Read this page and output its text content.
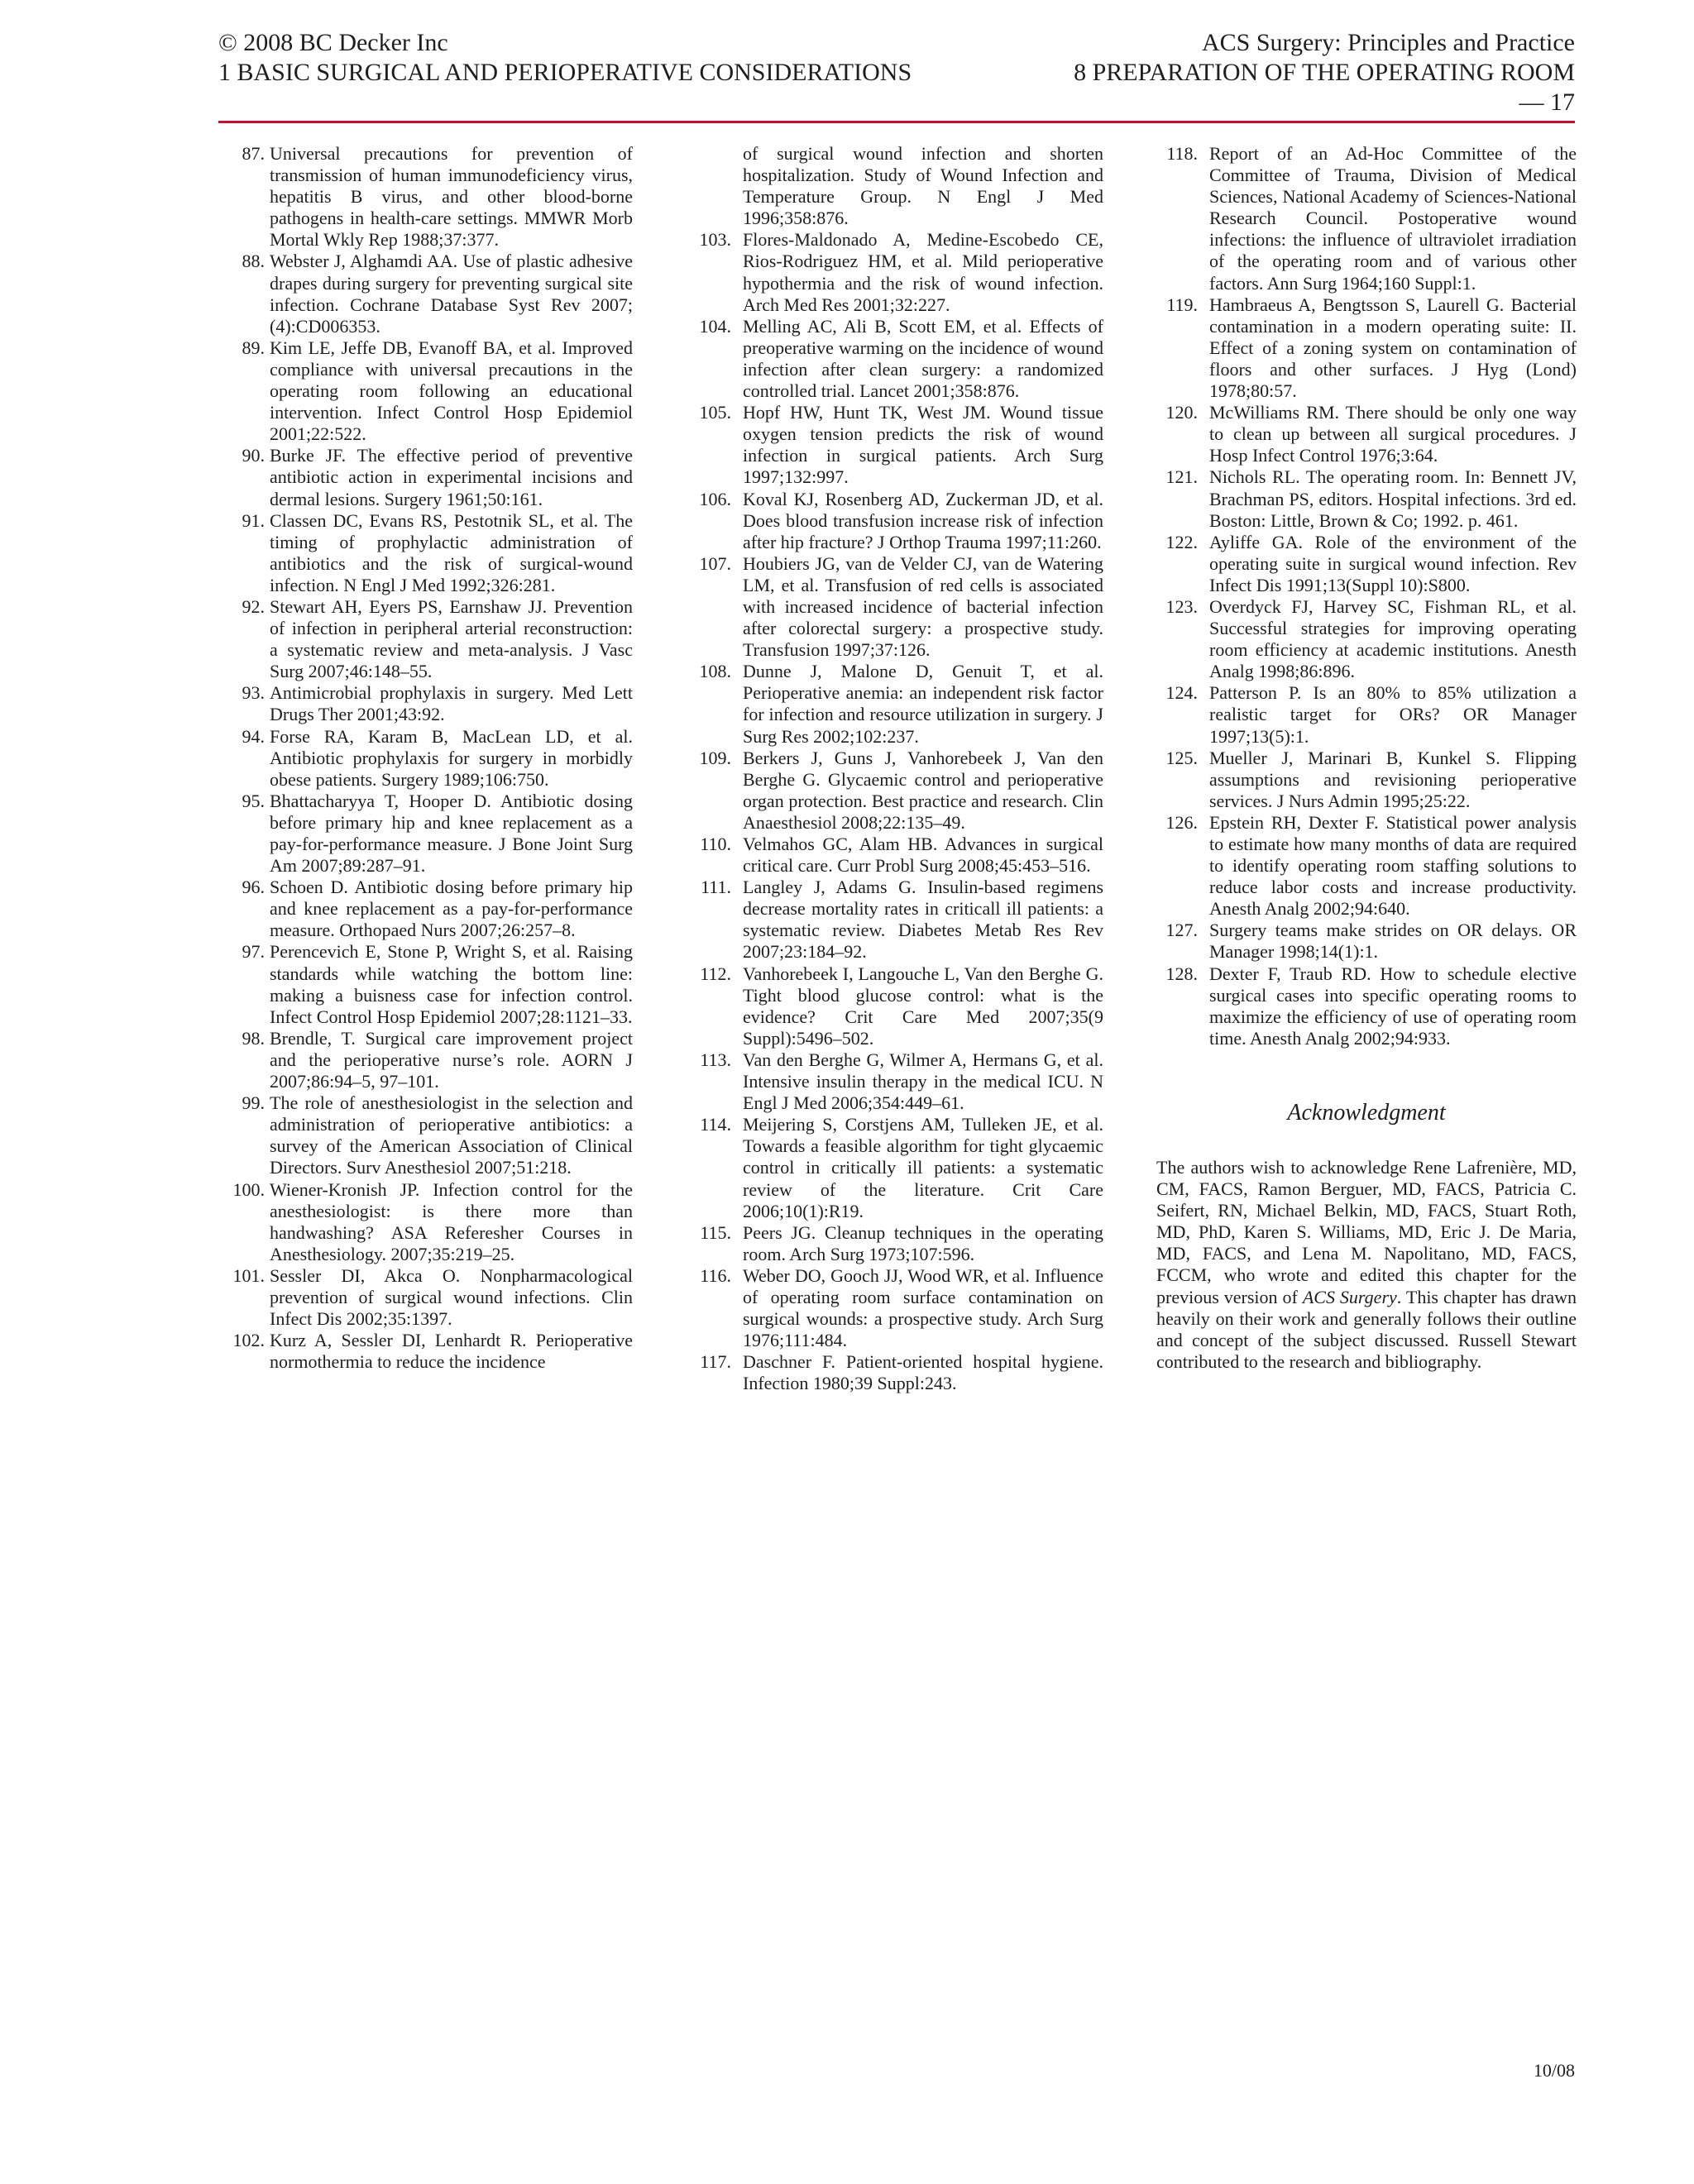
© 2008 BC Decker Inc
1 BASIC SURGICAL AND PERIOPERATIVE CONSIDERATIONS
ACS Surgery: Principles and Practice
8 PREPARATION OF THE OPERATING ROOM — 17
87. Universal precautions for prevention of transmission of human immunodeficiency virus, hepatitis B virus, and other blood-borne pathogens in health-care settings. MMWR Morb Mortal Wkly Rep 1988;37:377.
88. Webster J, Alghamdi AA. Use of plastic adhesive drapes during surgery for preventing surgical site infection. Cochrane Database Syst Rev 2007;(4):CD006353.
89. Kim LE, Jeffe DB, Evanoff BA, et al. Improved compliance with universal precautions in the operating room following an educational intervention. Infect Control Hosp Epidemiol 2001;22:522.
90. Burke JF. The effective period of preventive antibiotic action in experimental incisions and dermal lesions. Surgery 1961;50:161.
91. Classen DC, Evans RS, Pestotnik SL, et al. The timing of prophylactic administration of antibiotics and the risk of surgical-wound infection. N Engl J Med 1992;326:281.
92. Stewart AH, Eyers PS, Earnshaw JJ. Prevention of infection in peripheral arterial reconstruction: a systematic review and meta-analysis. J Vasc Surg 2007;46:148–55.
93. Antimicrobial prophylaxis in surgery. Med Lett Drugs Ther 2001;43:92.
94. Forse RA, Karam B, MacLean LD, et al. Antibiotic prophylaxis for surgery in morbidly obese patients. Surgery 1989;106:750.
95. Bhattacharyya T, Hooper D. Antibiotic dosing before primary hip and knee replacement as a pay-for-performance measure. J Bone Joint Surg Am 2007;89:287–91.
96. Schoen D. Antibiotic dosing before primary hip and knee replacement as a pay-for-performance measure. Orthopaed Nurs 2007;26:257–8.
97. Perencevich E, Stone P, Wright S, et al. Raising standards while watching the bottom line: making a buisness case for infection control. Infect Control Hosp Epidemiol 2007;28:1121–33.
98. Brendle, T. Surgical care improvement project and the perioperative nurse’s role. AORN J 2007;86:94–5, 97–101.
99. The role of anesthesiologist in the selection and administration of perioperative antibiotics: a survey of the American Association of Clinical Directors. Surv Anesthesiol 2007;51:218.
100. Wiener-Kronish JP. Infection control for the anesthesiologist: is there more than handwashing? ASA Referesher Courses in Anesthesiology. 2007;35:219–25.
101. Sessler DI, Akca O. Nonpharmacological prevention of surgical wound infections. Clin Infect Dis 2002;35:1397.
102. Kurz A, Sessler DI, Lenhardt R. Perioperative normothermia to reduce the incidence
of surgical wound infection and shorten hospitalization. Study of Wound Infection and Temperature Group. N Engl J Med 1996;358:876.
103. Flores-Maldonado A, Medine-Escobedo CE, Rios-Rodriguez HM, et al. Mild perioperative hypothermia and the risk of wound infection. Arch Med Res 2001;32:227.
104. Melling AC, Ali B, Scott EM, et al. Effects of preoperative warming on the incidence of wound infection after clean surgery: a randomized controlled trial. Lancet 2001;358:876.
105. Hopf HW, Hunt TK, West JM. Wound tissue oxygen tension predicts the risk of wound infection in surgical patients. Arch Surg 1997;132:997.
106. Koval KJ, Rosenberg AD, Zuckerman JD, et al. Does blood transfusion increase risk of infection after hip fracture? J Orthop Trauma 1997;11:260.
107. Houbiers JG, van de Velder CJ, van de Watering LM, et al. Transfusion of red cells is associated with increased incidence of bacterial infection after colorectal surgery: a prospective study. Transfusion 1997;37:126.
108. Dunne J, Malone D, Genuit T, et al. Perioperative anemia: an independent risk factor for infection and resource utilization in surgery. J Surg Res 2002;102:237.
109. Berkers J, Guns J, Vanhorebeek J, Van den Berghe G. Glycaemic control and perioperative organ protection. Best practice and research. Clin Anaesthesiol 2008;22:135–49.
110. Velmahos GC, Alam HB. Advances in surgical critical care. Curr Probl Surg 2008;45:453–516.
111. Langley J, Adams G. Insulin-based regimens decrease mortality rates in criticall ill patients: a systematic review. Diabetes Metab Res Rev 2007;23:184–92.
112. Vanhorebeek I, Langouche L, Van den Berghe G. Tight blood glucose control: what is the evidence? Crit Care Med 2007;35(9 Suppl):5496–502.
113. Van den Berghe G, Wilmer A, Hermans G, et al. Intensive insulin therapy in the medical ICU. N Engl J Med 2006;354:449–61.
114. Meijering S, Corstjens AM, Tulleken JE, et al. Towards a feasible algorithm for tight glycaemic control in critically ill patients: a systematic review of the literature. Crit Care 2006;10(1):R19.
115. Peers JG. Cleanup techniques in the operating room. Arch Surg 1973;107:596.
116. Weber DO, Gooch JJ, Wood WR, et al. Influence of operating room surface contamination on surgical wounds: a prospective study. Arch Surg 1976;111:484.
117. Daschner F. Patient-oriented hospital hygiene. Infection 1980;39 Suppl:243.
118. Report of an Ad-Hoc Committee of the Committee of Trauma, Division of Medical Sciences, National Academy of Sciences-National Research Council. Postoperative wound infections: the influence of ultraviolet irradiation of the operating room and of various other factors. Ann Surg 1964;160 Suppl:1.
119. Hambraeus A, Bengtsson S, Laurell G. Bacterial contamination in a modern operating suite: II. Effect of a zoning system on contamination of floors and other surfaces. J Hyg (Lond) 1978;80:57.
120. McWilliams RM. There should be only one way to clean up between all surgical procedures. J Hosp Infect Control 1976;3:64.
121. Nichols RL. The operating room. In: Bennett JV, Brachman PS, editors. Hospital infections. 3rd ed. Boston: Little, Brown & Co; 1992. p. 461.
122. Ayliffe GA. Role of the environment of the operating suite in surgical wound infection. Rev Infect Dis 1991;13(Suppl 10):S800.
123. Overdyck FJ, Harvey SC, Fishman RL, et al. Successful strategies for improving operating room efficiency at academic institutions. Anesth Analg 1998;86:896.
124. Patterson P. Is an 80% to 85% utilization a realistic target for ORs? OR Manager 1997;13(5):1.
125. Mueller J, Marinari B, Kunkel S. Flipping assumptions and revisioning perioperative services. J Nurs Admin 1995;25:22.
126. Epstein RH, Dexter F. Statistical power analysis to estimate how many months of data are required to identify operating room staffing solutions to reduce labor costs and increase productivity. Anesth Analg 2002;94:640.
127. Surgery teams make strides on OR delays. OR Manager 1998;14(1):1.
128. Dexter F, Traub RD. How to schedule elective surgical cases into specific operating rooms to maximize the efficiency of use of operating room time. Anesth Analg 2002;94:933.
Acknowledgment

The authors wish to acknowledge Rene Lafrenière, MD, CM, FACS, Ramon Berguer, MD, FACS, Patricia C. Seifert, RN, Michael Belkin, MD, FACS, Stuart Roth, MD, PhD, Karen S. Williams, MD, Eric J. De Maria, MD, FACS, and Lena M. Napolitano, MD, FACS, FCCM, who wrote and edited this chapter for the previous version of ACS Surgery. This chapter has drawn heavily on their work and generally follows their outline and concept of the subject discussed. Russell Stewart contributed to the research and bibliography.

10/08
